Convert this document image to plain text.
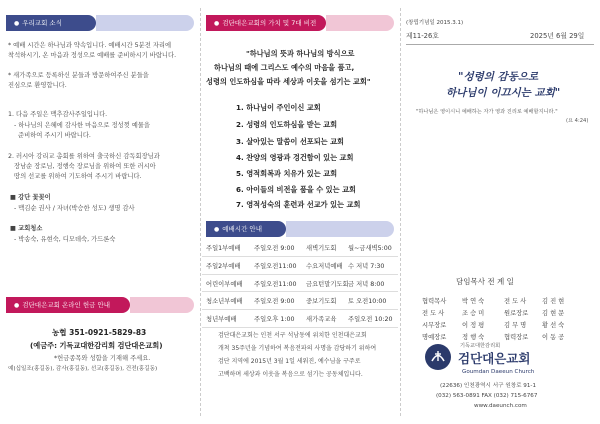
● 우리교회 소식
* 예배 시간은 하나님과 약속입니다. 예배시간 5분전 자리에
착석하시기, 온 마음과 정성으로 예배를 준비하시기 바랍니다.
* 새가족으로 등록하신 분들과 방문하여주신 분들을
진심으로 환영합니다.
1. 다음 주일은 맥추감사주일입니다.
- 하나님의 은혜에 감사한 마음으로 정성껏 예물을
준비하여 주시기 바랍니다.
2. 러시아 강리교 총회를 위하여 출국하신 감독회장님과
장남순 장로님, 정행숙 장로님을 위하여 또한 러시아
땅의 선교를 위하여 기도하여 주시기 바랍니다.
■ 강단 꽃꽂이
- 맥김순 권사 / 자녀(박승한 성도) 생명 감사
■ 교회청소
- 박송숙, 유현숙, 디모데숙, 가드론숙
● 검단대은교회 온라인 헌금 안내
농협 351-0921-5829-83
(예금주: 기독교대한감리회 검단대은교회)
*헌금종목와 성함을 기재해 주세요.
예)십일조(홍길동), 감사(홍길동), 선교(홍길동), 건전(홍길동)
● 검단대은교회의 가치 및 7대 비전
"하나님의 뜻과 하나님의 방식으로
하나님의 때에 그리스도 예수의 마음을 품고,
성령의 인도하심을 따라 세상과 이웃을 섬기는 교회"
1. 하나님이 주인이신 교회
2. 성령의 인도하심을 받는 교회
3. 살아있는 말씀이 선포되는 교회
4. 찬양의 영광과 경건함이 있는 교회
5. 영적회복과 치유가 있는 교회
6. 아이들의 비전을 품을 수 있는 교회
7. 영적성숙의 훈련과 선교가 있는 교회
● 예배시간 안내
주일1부예배 주일오전 9:00 새벽기도회 월~금새벽5:00
주일2부예배 주일오전11:00 수요저녁예배 수 저녁 7:30
어린이부예배 주일오전11:00 금요턴말기도회 금 저녁 8:00
청소년부예배 주일오전 9:00 중보기도회 토 오전10:00
청년부예배	주일오후 1:00 새가족교육 주일오전 10:20
검단대은교회는 인천 서구 석남동에 위치한 인천대은교회
개척 35주년을 기념하여 복음전파의 사명을 감당하기 위하여
검단 지역에 2015년 3월 1일 세워진, 예수님을 구주로
고백하며 세상과 이웃을 복음으로 섬기는 공동체입니다.
(창립기념일 2015.3.1)
제11-26호	2025년 6월 29일
"성령의 감동으로
하나님이 이끄시는 교회"
"하나님은 영이시니 예배하는 자가 영과 진리로 예배할지니라."
(요 4:24)
담임목사 전 계 일
협력목사 박 연 숙	전 도 사 김 진 현
전 도 사	조 승 미	원로장로 김 현 문
시무장로 이 정 평	김 무 명 황 선 숙
명예장로 정 행 숙	협력장로 이 동 공
기독교대한감리회
검단대은교회
Goumdan Daeeun Church
(22636) 인천광역시 서구 원창로 91-1
(032) 563-0891 FAX (032) 715-6767
www.daeunch.com
